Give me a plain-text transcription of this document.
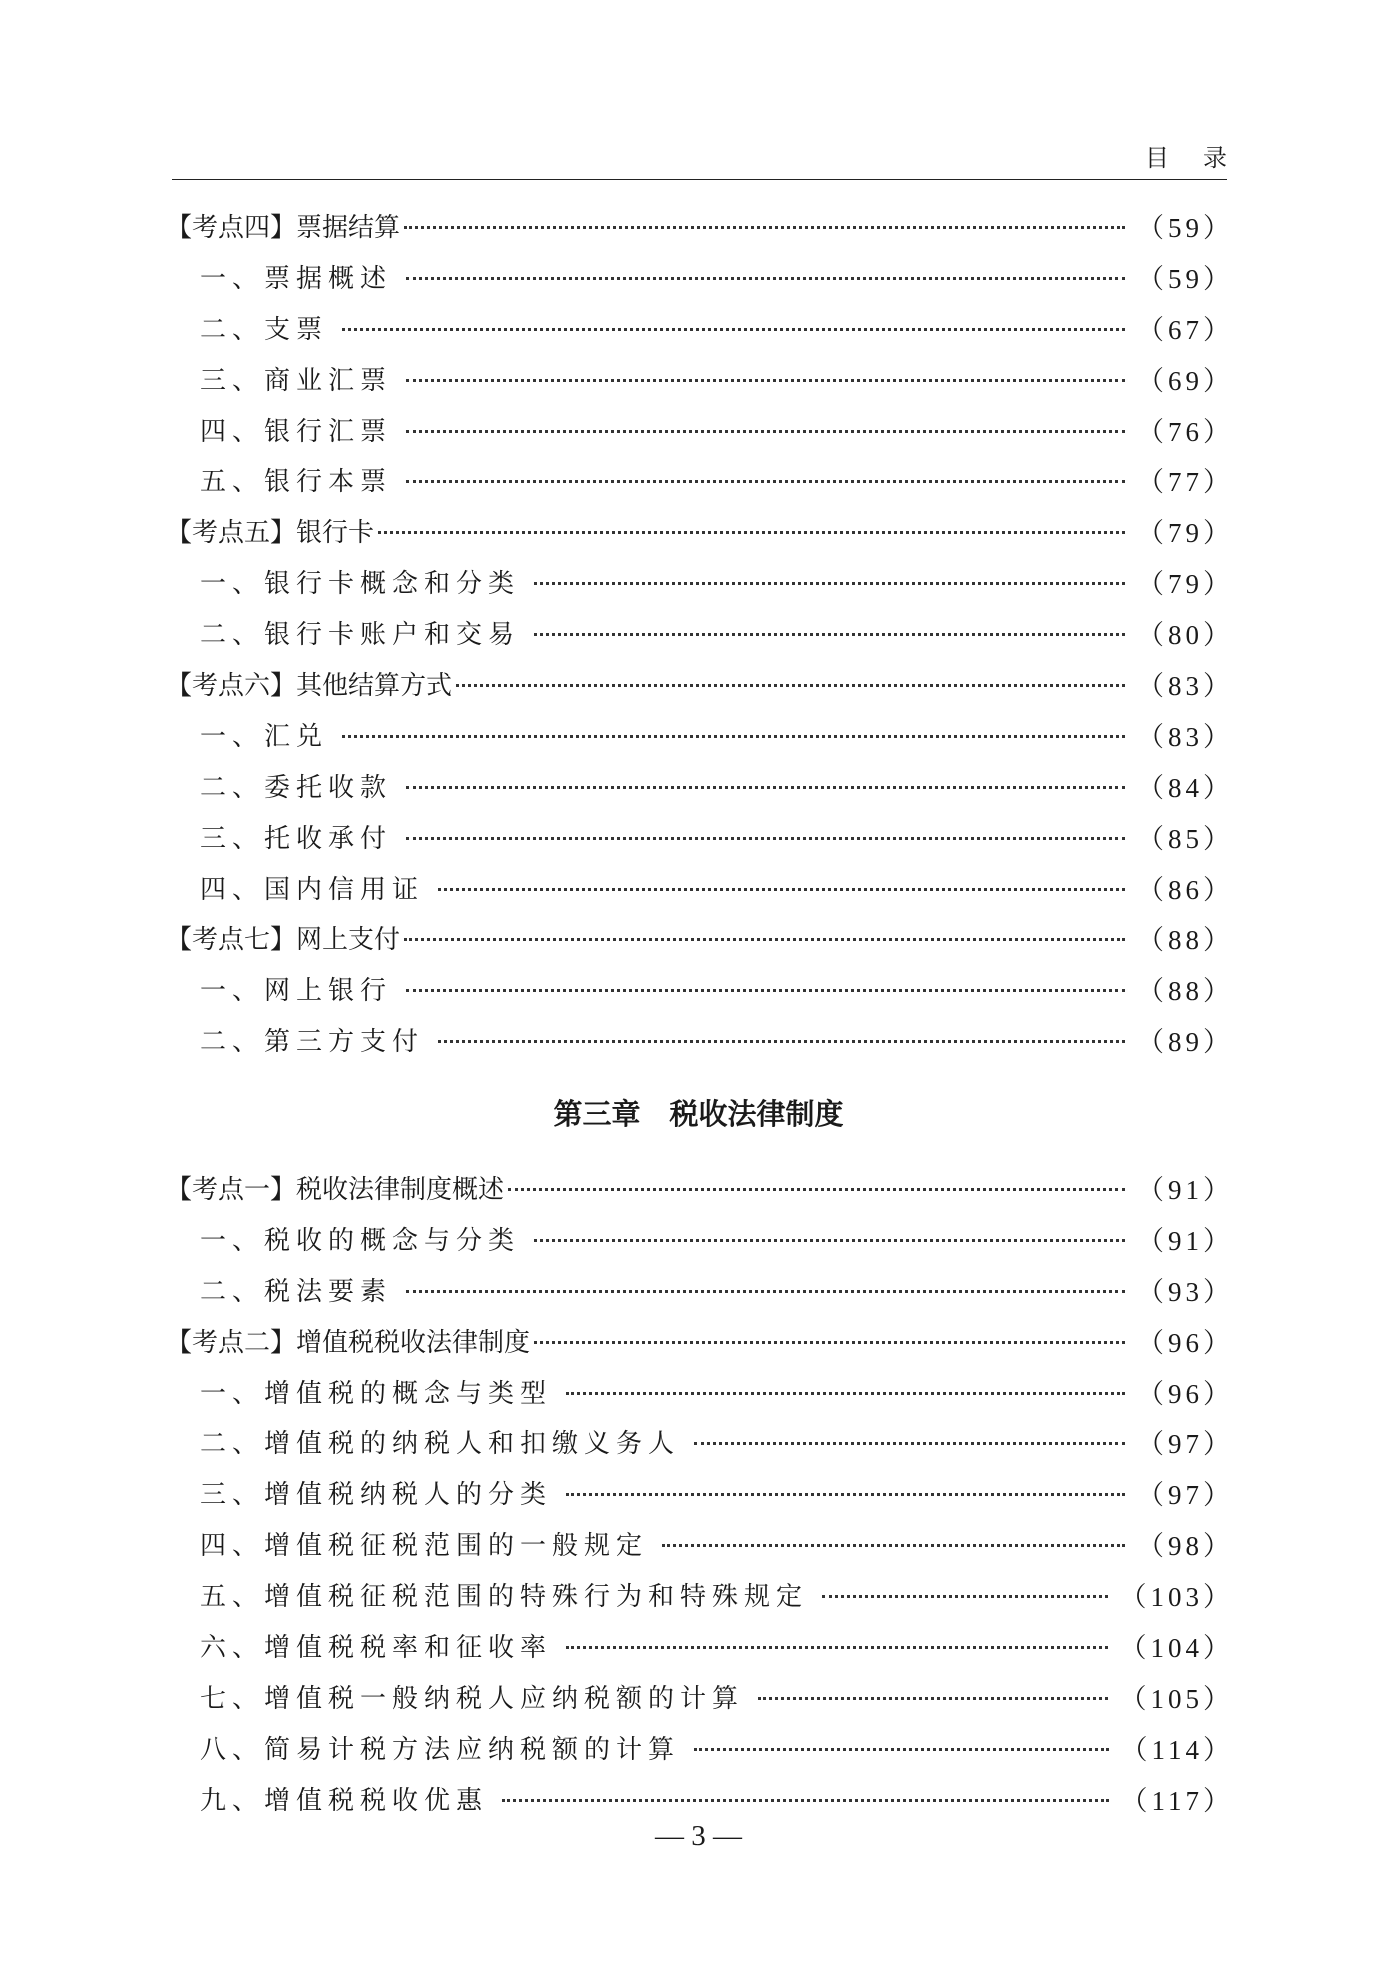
目录
【考点四】票据结算	（59）
一、票据概述	（59）
二、支票	（67）
三、商业汇票	（69）
四、银行汇票	（76）
五、银行本票	（77）
【考点五】银行卡	（79）
一、银行卡概念和分类	（79）
二、银行卡账户和交易	（80）
【考点六】其他结算方式	（83）
一、汇兑	（83）
二、委托收款	（84）
三、托收承付	（85）
四、国内信用证	（86）
【考点七】网上支付	（88）
一、网上银行	（88）
二、第三方支付	（89）
第三章　税收法律制度
【考点一】税收法律制度概述	（91）
一、税收的概念与分类	（91）
二、税法要素	（93）
【考点二】增值税税收法律制度	（96）
一、增值税的概念与类型	（96）
二、增值税的纳税人和扣缴义务人	（97）
三、增值税纳税人的分类	（97）
四、增值税征税范围的一般规定	（98）
五、增值税征税范围的特殊行为和特殊规定	（103）
六、增值税税率和征收率	（104）
七、增值税一般纳税人应纳税额的计算	（105）
八、简易计税方法应纳税额的计算	（114）
九、增值税税收优惠	（117）
— 3 —
